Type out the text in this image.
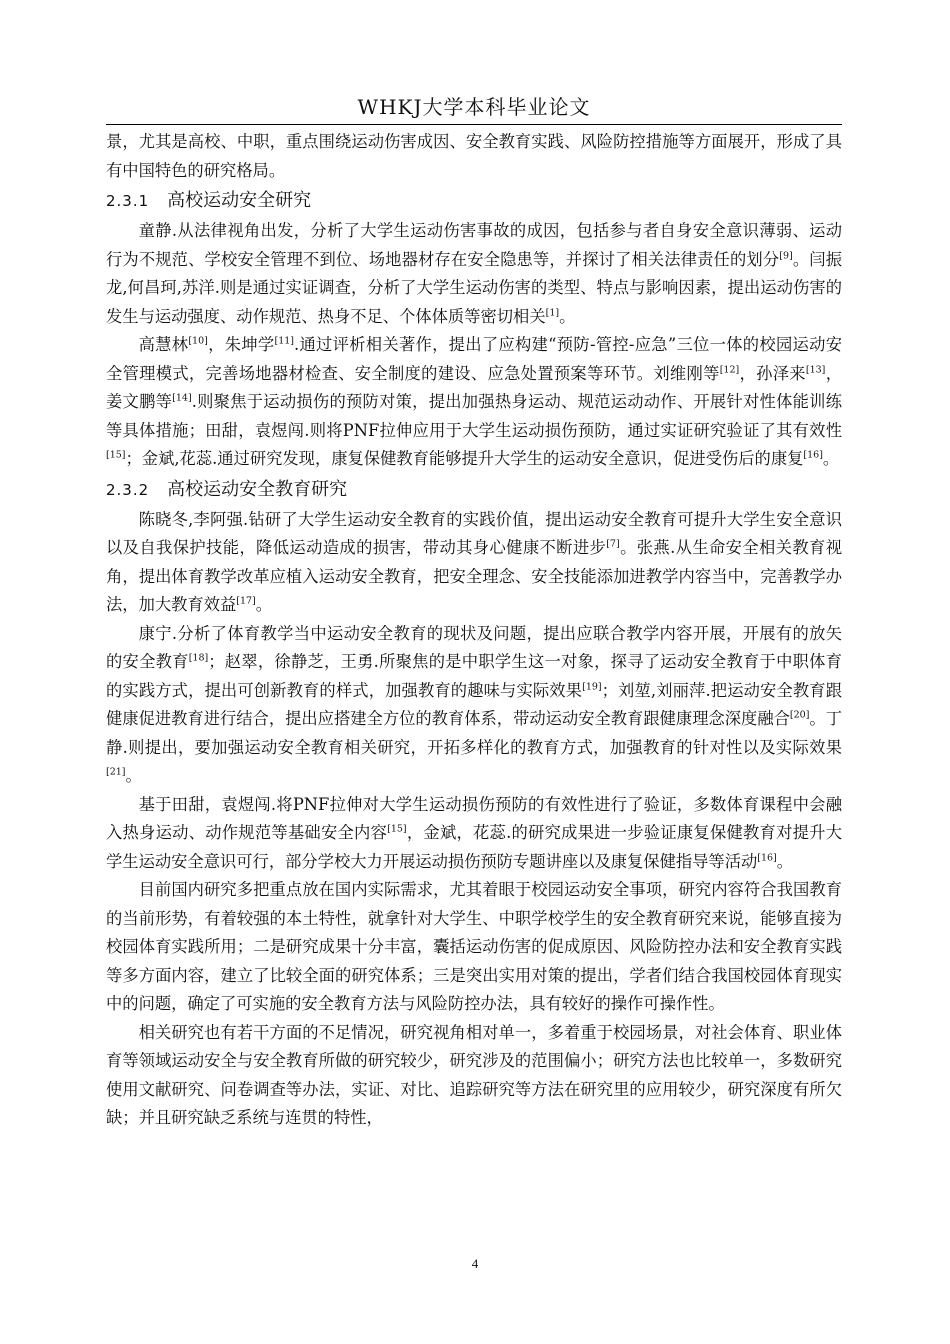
WHKJ大学本科毕业论文

景，尤其是高校、中职，重点围绕运动伤害成因、安全教育实践、风险防控措施等方面展开，形成了具有中国特色的研究格局。

2.3.1 高校运动安全研究

童静.从法律视角出发，分析了大学生运动伤害事故的成因，包括参与者自身安全意识薄弱、运动行为不规范、学校安全管理不到位、场地器材存在安全隐患等，并探讨了相关法律责任的划分[9]。闫振龙,何昌珂,苏洋.则是通过实证调查，分析了大学生运动伤害的类型、特点与影响因素，提出运动伤害的发生与运动强度、动作规范、热身不足、个体体质等密切相关[1]。

高慧林[10]，朱坤学[11].通过评析相关著作，提出了应构建“预防-管控-应急”三位一体的校园运动安全管理模式，完善场地器材检查、安全制度的建设、应急处置预案等环节。刘维刚等[12]，孙泽来[13]，姜文鹏等[14].则聚焦于运动损伤的预防对策，提出加强热身运动、规范运动动作、开展针对性体能训练等具体措施；田甜，袁煜闯.则将PNF拉伸应用于大学生运动损伤预防，通过实证研究验证了其有效性[15]；金斌,花蕊.通过研究发现，康复保健教育能够提升大学生的运动安全意识，促进受伤后的康复[16]。

2.3.2 高校运动安全教育研究

陈晓冬,李阿强.钻研了大学生运动安全教育的实践价值，提出运动安全教育可提升大学生安全意识以及自我保护技能，降低运动造成的损害，带动其身心健康不断进步[7]。张燕.从生命安全相关教育视角，提出体育教学改革应植入运动安全教育，把安全理念、安全技能添加进教学内容当中，完善教学办法，加大教育效益[17]。

康宁.分析了体育教学当中运动安全教育的现状及问题，提出应联合教学内容开展，开展有的放矢的安全教育[18]；赵翠，徐静芝，王勇.所聚焦的是中职学生这一对象，探寻了运动安全教育于中职体育的实践方式，提出可创新教育的样式，加强教育的趣味与实际效果[19]；刘堃,刘丽萍.把运动安全教育跟健康促进教育进行结合，提出应搭建全方位的教育体系，带动运动安全教育跟健康理念深度融合[20]。丁静.则提出，要加强运动安全教育相关研究，开拓多样化的教育方式，加强教育的针对性以及实际效果[21]。

基于田甜，袁煜闯.将PNF拉伸对大学生运动损伤预防的有效性进行了验证，多数体育课程中会融入热身运动、动作规范等基础安全内容[15]，金斌，花蕊.的研究成果进一步验证康复保健教育对提升大学生运动安全意识可行，部分学校大力开展运动损伤预防专题讲座以及康复保健指导等活动[16]。

目前国内研究多把重点放在国内实际需求，尤其着眼于校园运动安全事项，研究内容符合我国教育的当前形势，有着较强的本土特性，就拿针对大学生、中职学校学生的安全教育研究来说，能够直接为校园体育实践所用；二是研究成果十分丰富，囊括运动伤害的促成原因、风险防控办法和安全教育实践等多方面内容，建立了比较全面的研究体系；三是突出实用对策的提出，学者们结合我国校园体育现实中的问题，确定了可实施的安全教育方法与风险防控办法，具有较好的操作可操作性。

相关研究也有若干方面的不足情况，研究视角相对单一，多着重于校园场景，对社会体育、职业体育等领域运动安全与安全教育所做的研究较少，研究涉及的范围偏小；研究方法也比较单一，多数研究使用文献研究、问卷调查等办法，实证、对比、追踪研究等方法在研究里的应用较少，研究深度有所欠缺；并且研究缺乏系统与连贯的特性，

4
